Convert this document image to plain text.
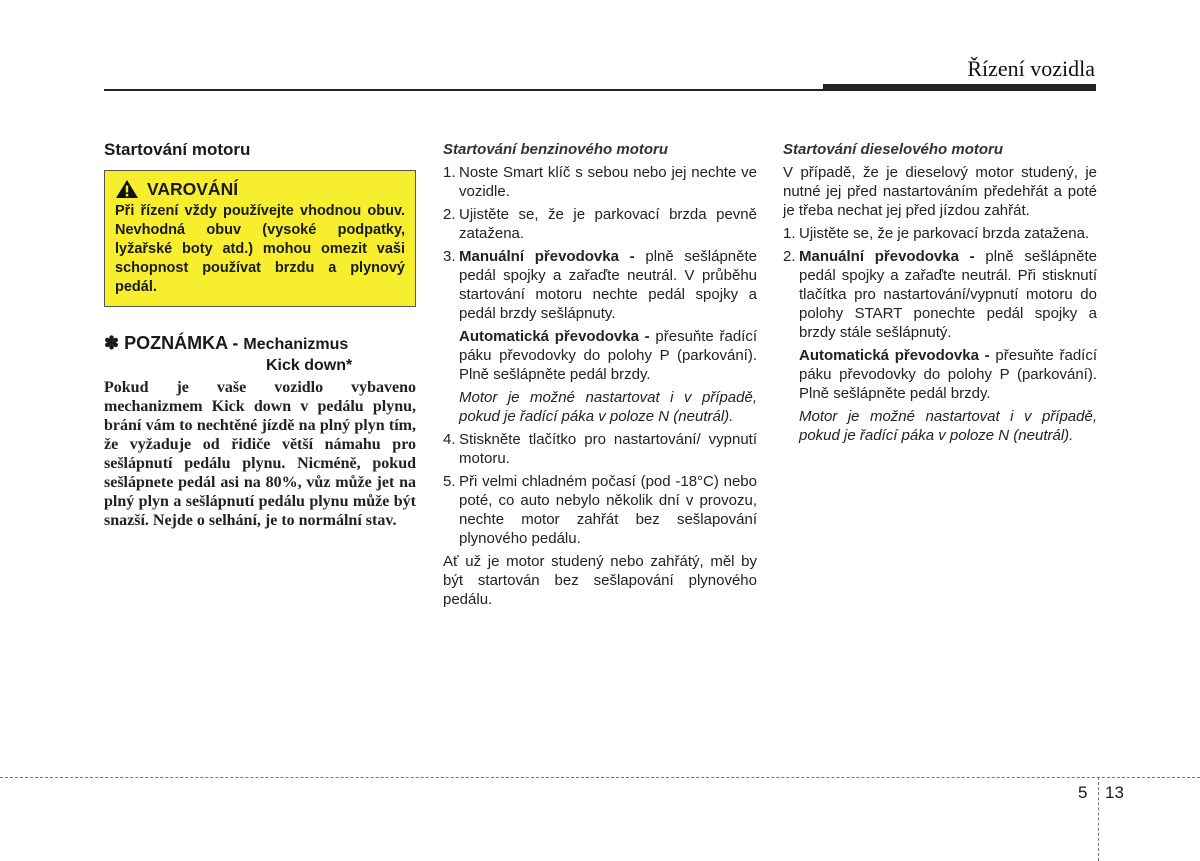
Řízení vozidla
Startování motoru
VAROVÁNÍ
Při řízení vždy používejte vhodnou obuv. Nevhodná obuv (vysoké podpatky, lyžařské boty atd.) mohou omezit vaši schopnost používat brzdu a plynový pedál.
✽ POZNÁMKA - Mechanizmus
Kick down*
Pokud je vaše vozidlo vybaveno mechanizmem Kick down v pedálu plynu, brání vám to nechtěné jízdě na plný plyn tím, že vyžaduje od řidiče větší námahu pro sešlápnutí pedálu plynu. Nicméně, pokud sešlápnete pedál asi na 80%, vůz může jet na plný plyn a sešlápnutí pedálu plynu může být snazší. Nejde o selhání, je to normální stav.
Startování benzinového motoru
1. Noste Smart klíč s sebou nebo jej nechte ve vozidle.
2. Ujistěte se, že je parkovací brzda pevně zatažena.
3. Manuální převodovka - plně sešlápněte pedál spojky a zařaďte neutrál. V průběhu startování motoru nechte pedál spojky a pedál brzdy sešlápnuty.
Automatická převodovka - přesuňte řadící páku převodovky do polohy P (parkování). Plně sešlápněte pedál brzdy.
Motor je možné nastartovat i v případě, pokud je řadící páka v poloze N (neutrál).
4. Stiskněte tlačítko pro nastartování/ vypnutí motoru.
5. Při velmi chladném počasí (pod -18°C) nebo poté, co auto nebylo několik dní v provozu, nechte motor zahřát bez sešlapování plynového pedálu.
Ať už je motor studený nebo zahřátý, měl by být startován bez sešlapování plynového pedálu.
Startování dieselového motoru
V případě, že je dieselový motor studený, je nutné jej před nastartováním předehřát a poté je třeba nechat jej před jízdou zahřát.
1. Ujistěte se, že je parkovací brzda zatažena.
2. Manuální převodovka - plně sešlápněte pedál spojky a zařaďte neutrál. Při stisknutí tlačítka pro nastartování/vypnutí motoru do polohy START ponechte pedál spojky a brzdy stále sešlápnutý.
Automatická převodovka - přesuňte řadící páku převodovky do polohy P (parkování). Plně sešlápněte pedál brzdy.
Motor je možné nastartovat i v případě, pokud je řadící páka v poloze N (neutrál).
5 13
